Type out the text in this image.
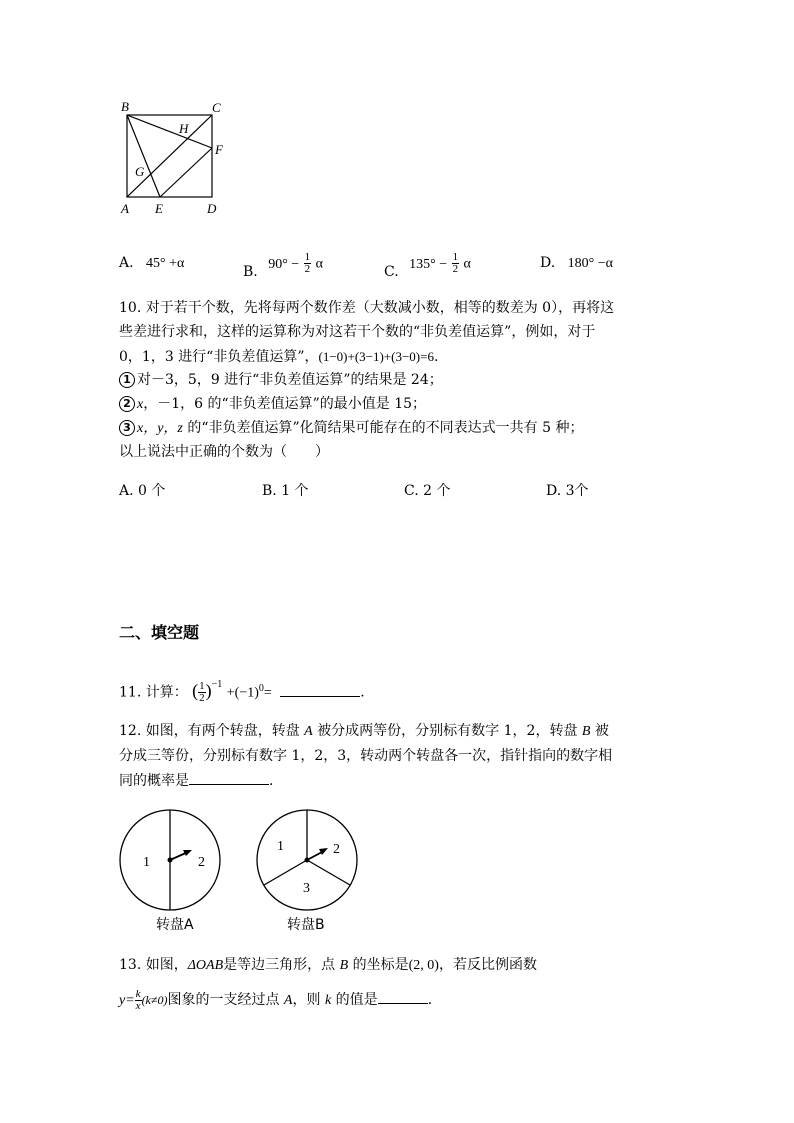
B	C
H
F
G
A E	D
A. 45° +α	B. $90^\circ - \frac{1}{2}$ α	C. $135^\circ - \frac{1}{2}$ α	D. 180° −α
10. 对于若干个数，先将每两个数作差（大数减小数，相等的数差为 0），再将这
些差进行求和，这样的运算称为对这若干个数的“非负差值运算”，例如，对于
0，1，3 进行“非负差值运算”，(1−0)+(3−1)+(3−0)=6.
1 对－3，5，9 进行“非负差值运算”的结果是 24；
2 x，－1，6 的“非负差值运算”的最小值是 15；
3 x，y，z 的“非负差值运算”化简结果可能存在的不同表达式一共有 5 种；
以上说法中正确的个数为（　　）
A. 0 个	B. 1 个	C. 2 个	D. 3个
二、填空题
11. 计算： ( $\frac{1}{2} )^{-1} +(-1)^0=$	.
12. 如图，有两个转盘，转盘 A 被分成两等份，分别标有数字 1，2，转盘 B 被
分成三等份，分别标有数字 1，2，3，转动两个转盘各一次，指针指向的数字相
同的概率是	.
1	2
转盘A
1	2
3
转盘B
13. 如图，ΔOAB是等边三角形，点 B 的坐标是(2, 0)，若反比例函数
$y= \frac{k}{x} (k\ne 0)$图象的一支经过点 A，则 k 的值是	.
